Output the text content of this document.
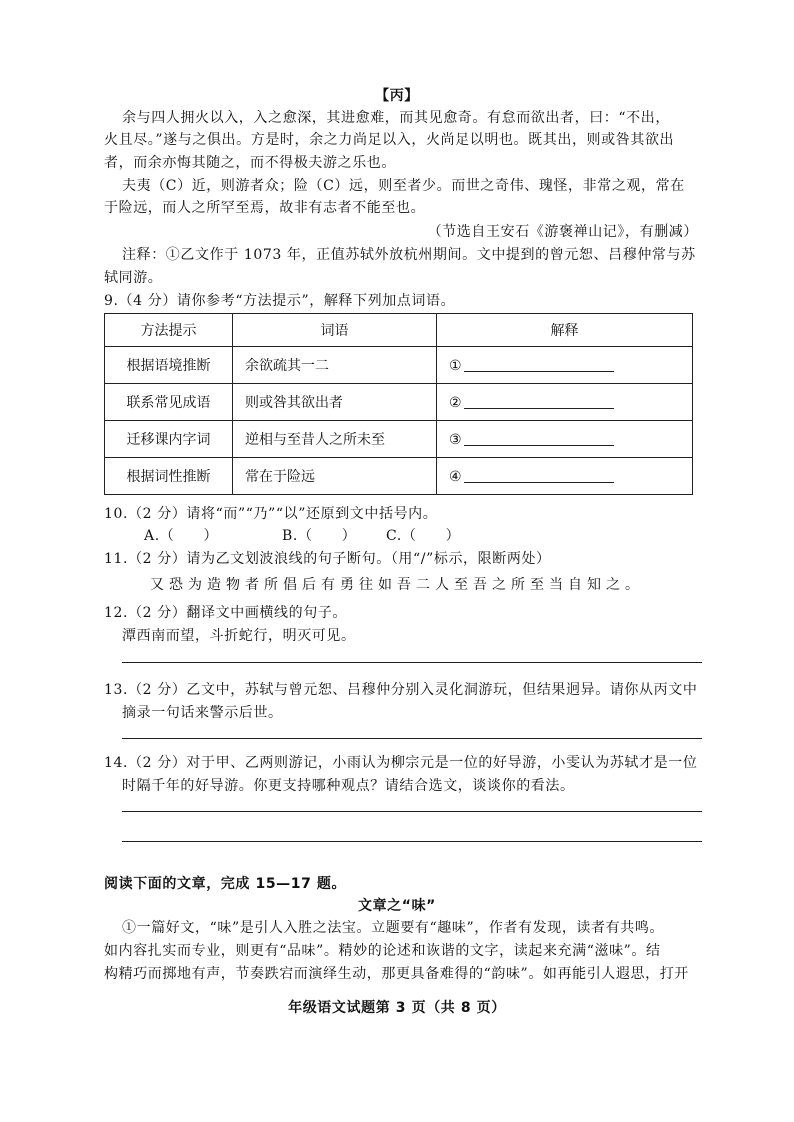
【丙】
余与四人拥火以入，入之愈深，其进愈难，而其见愈奇。有怠而欲出者，曰：“不出，
火且尽。”遂与之俱出。方是时，余之力尚足以入，火尚足以明也。既其出，则或咎其欲出
者，而余亦悔其随之，而不得极夫游之乐也。
夫夷（C）近，则游者众；险（C）远，则至者少。而世之奇伟、瑰怪，非常之观，常在
于险远，而人之所罕至焉，故非有志者不能至也。
（节选自王安石《游褒禅山记》，有删减）
注释：①乙文作于 1073 年，正值苏轼外放杭州期间。文中提到的曾元恕、吕穆仲常与苏
轼同游。
9.（4 分）请你参考“方法提示”，解释下列加点词语。
方法提示	词语	解释
根据语境推断	余欲疏其一二	①
联系常见成语	则或咎其欲出者	②
迁移课内字词	逆相与至昔人之所未至	③
根据词性推断	常在于险远	④
10.（2 分）请将“而”“乃”“以”还原到文中括号内。
A.（　　）	B.（　　） C.（　　）
11.（2 分）请为乙文划波浪线的句子断句。（用“/”标示，限断两处）
又恐为造物者所倡后有勇往如吾二人至吾之所至当自知之。
12.（2 分）翻译文中画横线的句子。
潭西南而望，斗折蛇行，明灭可见。
13.（2 分）乙文中，苏轼与曾元恕、吕穆仲分别入灵化洞游玩，但结果迥异。请你从丙文中
摘录一句话来警示后世。
14.（2 分）对于甲、乙两则游记，小雨认为柳宗元是一位的好导游，小雯认为苏轼才是一位
时隔千年的好导游。你更支持哪种观点？请结合选文，谈谈你的看法。
阅读下面的文章，完成 15—17 题。
文章之“味”
①一篇好文，“味”是引人入胜之法宝。立题要有“趣味”，作者有发现，读者有共鸣。
如内容扎实而专业，则更有“品味”。精妙的论述和诙谐的文字，读起来充满“滋味”。结
构精巧而掷地有声，节奏跌宕而演绎生动，那更具备难得的“韵味”。如再能引人遐思，打开
年级语文试题第 3 页（共 8 页）
